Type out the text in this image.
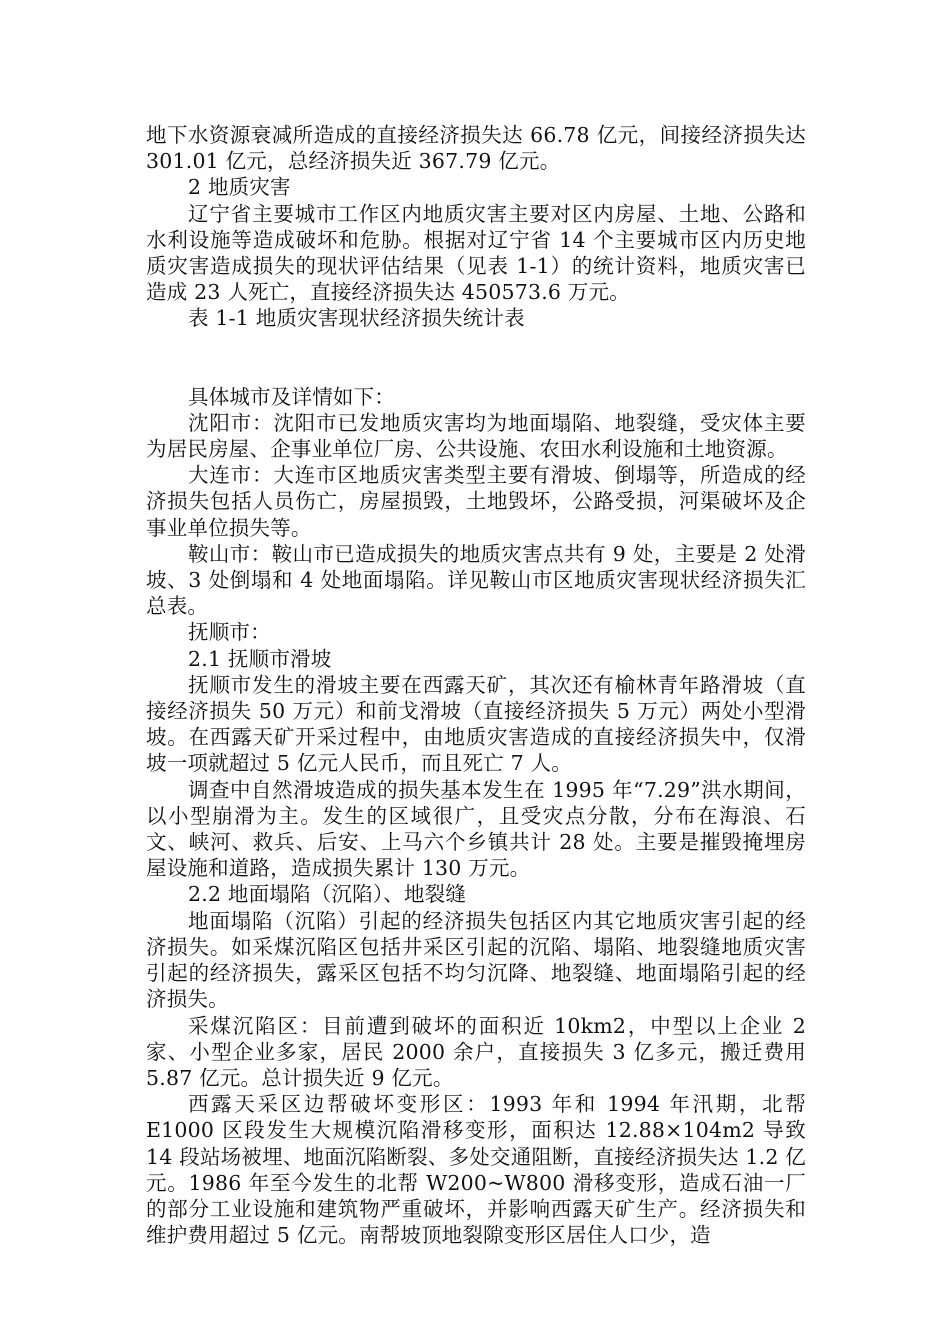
地下水资源衰减所造成的直接经济损失达 66.78 亿元，间接经济损失达 301.01 亿元，总经济损失近 367.79 亿元。

2 地质灾害

辽宁省主要城市工作区内地质灾害主要对区内房屋、土地、公路和水利设施等造成破坏和危胁。根据对辽宁省 14 个主要城市区内历史地质灾害造成损失的现状评估结果（见表 1-1）的统计资料，地质灾害已造成 23 人死亡，直接经济损失达 450573.6 万元。

表 1-1 地质灾害现状经济损失统计表

具体城市及详情如下：

沈阳市：沈阳市已发地质灾害均为地面塌陷、地裂缝，受灾体主要为居民房屋、企事业单位厂房、公共设施、农田水利设施和土地资源。

大连市：大连市区地质灾害类型主要有滑坡、倒塌等，所造成的经济损失包括人员伤亡，房屋损毁，土地毁坏，公路受损，河渠破坏及企事业单位损失等。

鞍山市：鞍山市已造成损失的地质灾害点共有 9 处，主要是 2 处滑坡、3 处倒塌和 4 处地面塌陷。详见鞍山市区地质灾害现状经济损失汇总表。

抚顺市：

2.1 抚顺市滑坡

抚顺市发生的滑坡主要在西露天矿，其次还有榆林青年路滑坡（直接经济损失 50 万元）和前戈滑坡（直接经济损失 5 万元）两处小型滑坡。在西露天矿开采过程中，由地质灾害造成的直接经济损失中，仅滑坡一项就超过 5 亿元人民币，而且死亡 7 人。

调查中自然滑坡造成的损失基本发生在 1995 年“7.29”洪水期间，以小型崩滑为主。发生的区域很广，且受灾点分散，分布在海浪、石文、峡河、救兵、后安、上马六个乡镇共计 28 处。主要是摧毁掩埋房屋设施和道路，造成损失累计 130 万元。

2.2 地面塌陷（沉陷）、地裂缝

地面塌陷（沉陷）引起的经济损失包括区内其它地质灾害引起的经济损失。如采煤沉陷区包括井采区引起的沉陷、塌陷、地裂缝地质灾害引起的经济损失，露采区包括不均匀沉降、地裂缝、地面塌陷引起的经济损失。

采煤沉陷区：目前遭到破坏的面积近 10km2，中型以上企业 2 家、小型企业多家，居民 2000 余户，直接损失 3 亿多元，搬迁费用 5.87 亿元。总计损失近 9 亿元。

西露天采区边帮破坏变形区：1993 年和 1994 年汛期，北帮 E1000 区段发生大规模沉陷滑移变形，面积达 12.88×104m2 导致 14 段站场被埋、地面沉陷断裂、多处交通阻断，直接经济损失达 1.2 亿元。1986 年至今发生的北帮 W200~W800 滑移变形，造成石油一厂的部分工业设施和建筑物严重破坏，并影响西露天矿生产。经济损失和维护费用超过 5 亿元。南帮坡顶地裂隙变形区居住人口少，造
